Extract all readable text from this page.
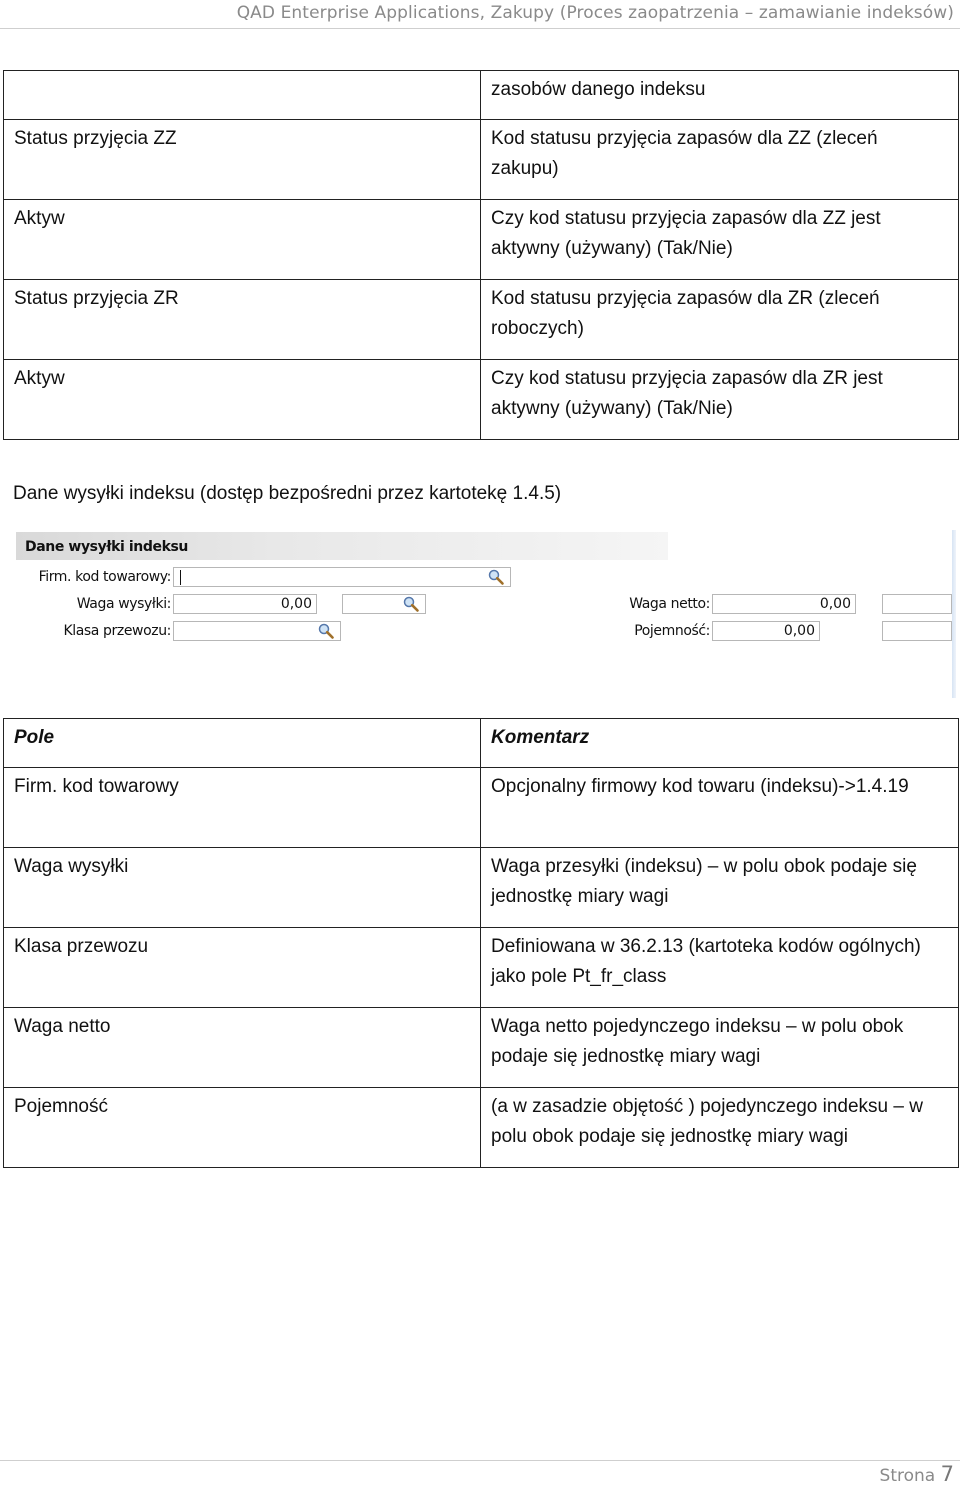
QAD Enterprise Applications, Zakupy (Proces zaopatrzenia – zamawianie indeksów)
	zasobów danego indeksu
Status przyjęcia ZZ	Kod statusu przyjęcia zapasów dla ZZ (zleceń zakupu)
Aktyw	Czy kod statusu przyjęcia zapasów dla ZZ jest aktywny (używany) (Tak/Nie)
Status przyjęcia ZR	Kod statusu przyjęcia zapasów dla ZR (zleceń roboczych)
Aktyw	Czy kod statusu przyjęcia zapasów dla ZR jest aktywny (używany) (Tak/Nie)
Dane wysyłki indeksu (dostęp bezpośredni przez kartotekę 1.4.5)
Dane wysyłki indeksu
Firm. kod towarowy:
Waga wysyłki:	0,00
Klasa przewozu:
Waga netto:	0,00
Pojemność:	0,00
Pole	Komentarz
Firm. kod towarowy	Opcjonalny firmowy kod towaru (indeksu)->1.4.19
Waga wysyłki	Waga przesyłki (indeksu) – w polu obok podaje się jednostkę miary wagi
Klasa przewozu	Definiowana w 36.2.13 (kartoteka kodów ogólnych) jako pole Pt_fr_class
Waga netto	Waga netto pojedynczego indeksu – w polu obok podaje się jednostkę miary wagi
Pojemność	(a w zasadzie objętość ) pojedynczego indeksu – w polu obok podaje się jednostkę miary wagi
Strona 7
